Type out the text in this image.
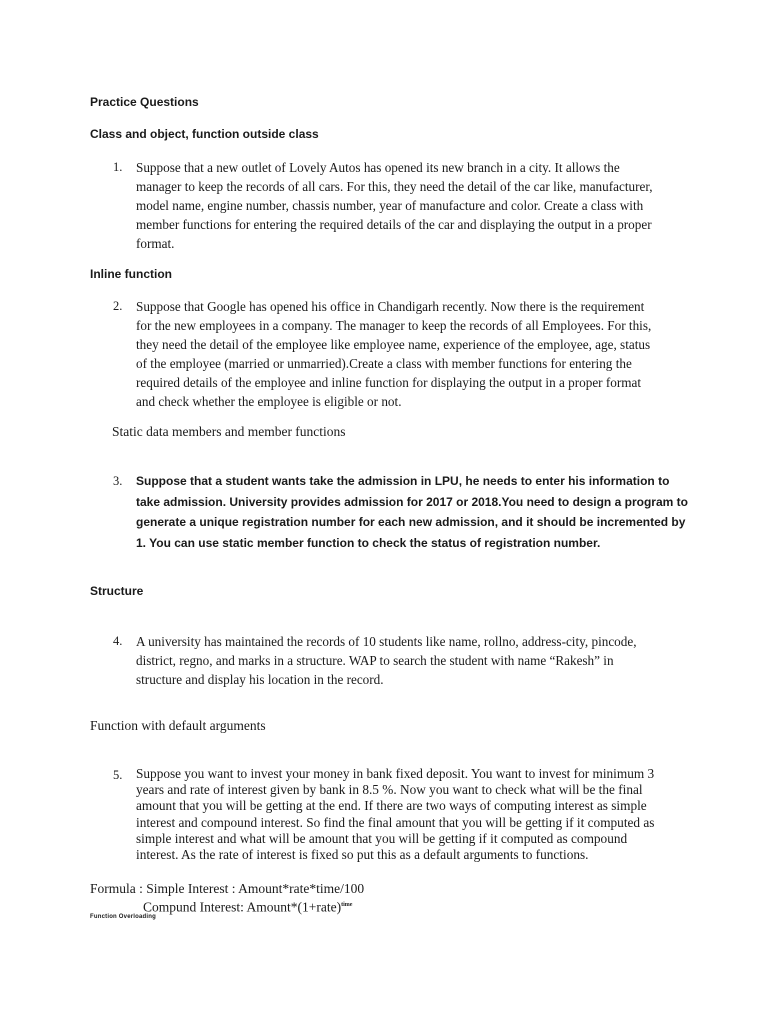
Practice Questions
Class and object, function outside class
1.	Suppose that a new outlet of Lovely Autos has opened its new branch in a city. It allows the

manager to keep the records of all cars. For this, they need the detail of the car like, manufacturer,

model name, engine number, chassis number, year of manufacture and color. Create a class with

member functions for entering the required details of the car and displaying the output in a proper

format.

Inline function
2.	Suppose that Google has opened his office in Chandigarh recently. Now there is the requirement

for the new employees in a company. The manager to keep the records of all Employees. For this,

they need the detail of the employee like employee name, experience of the employee, age, status

of the employee (married or unmarried).Create a class with member functions for entering the

required details of the employee and inline function for displaying the output in a proper format

and check whether the employee is eligible or not.

Static data members and member functions
3.	Suppose that a student wants take the admission in LPU, he needs to enter his information to

take admission. University provides admission for 2017 or 2018.You need to design a program to

generate a unique registration number for each new admission, and it should be incremented by

1. You can use static member function to check the status of registration number.

Structure
4.	A university has maintained the records of 10 students like name, rollno, address-city, pincode,

district, regno, and marks in a structure. WAP to search the student with name “Rakesh” in

structure and display his location in the record.

Function with default arguments
5.	Suppose you want to invest your money in bank fixed deposit. You want to invest for minimum 3

years and rate of interest given by bank in 8.5 %. Now you want to check what will be the final

amount that you will be getting at the end. If there are two ways of computing interest as simple

interest and compound interest. So find the final amount that you will be getting if it computed as

simple interest and what will be amount that you will be getting if it computed as compound

interest. As the rate of interest is fixed so put this as a default arguments to functions.

Formula : Simple Interest : Amount*rate*time/100
Compund Interest: Amount*(1+rate)$^{time}$
Function Overloading
